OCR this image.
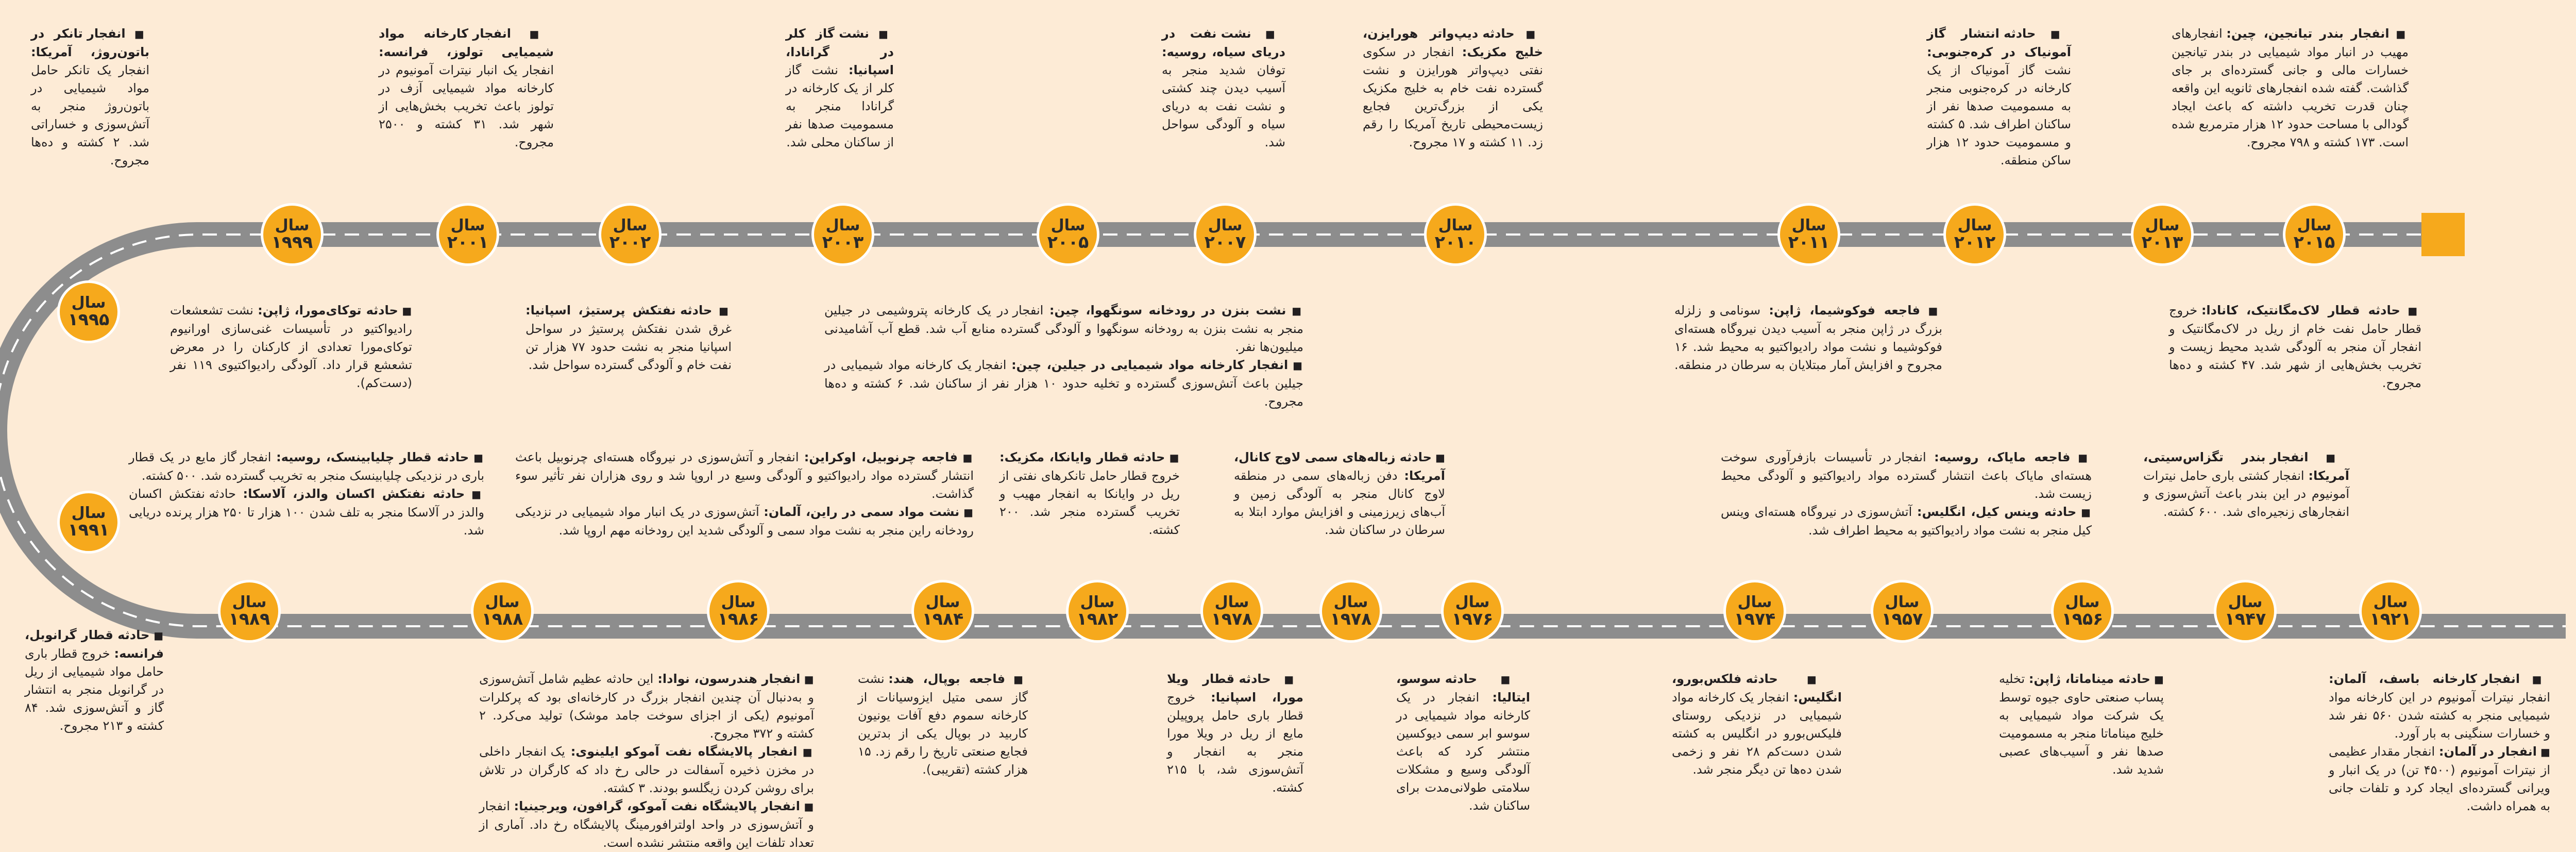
سال
۲۰۱۵
سال
۲۰۱۳
سال
۲۰۱۲
سال
۲۰۱۱
سال
۲۰۱۰
سال
۲۰۰۷
سال
۲۰۰۵
سال
۲۰۰۳
سال
۲۰۰۲
سال
۲۰۰۱
سال
۱۹۹۹
سال
۱۹۹۵
سال
۱۹۹۱
سال
۱۹۸۹
سال
۱۹۸۸
سال
۱۹۸۶
سال
۱۹۸۴
سال
۱۹۸۲
سال
۱۹۷۸
سال
۱۹۷۸
سال
۱۹۷۶
سال
۱۹۷۴
سال
۱۹۵۷
سال
۱۹۵۶
سال
۱۹۴۷
سال
۱۹۲۱
■ انفجار بندر تیانجین، چین: انفجارهای مهیب در انبار مواد شیمیایی در بندر تیانجین خسارات مالی و جانی گسترده‌ای بر جای گذاشت. گفته شده انفجارهای ثانویه این واقعه چنان قدرت تخریب داشته که باعث ایجاد گودالی با مساحت حدود ۱۲ هزار مترمربع شده است. ۱۷۳ کشته و ۷۹۸ مجروح.
■ حادثه انتشار گاز آمونیاک در کره‌جنوبی: نشت گاز آمونیاک از یک کارخانه در کره‌جنوبی منجر به مسمومیت صدها نفر از ساکنان اطراف شد. ۵ کشته و مسمومیت حدود ۱۲ هزار ساکن منطقه.
■ حادثه دیپ‌واتر هورایزن، خلیج مکزیک: انفجار در سکوی نفتی دیپ‌واتر هورایزن و نشت گسترده نفت خام به خلیج مکزیک یکی از بزرگ‌ترین فجایع زیست‌محیطی تاریخ آمریکا را رقم زد. ۱۱ کشته و ۱۷ مجروح.
■ نشت نفت در دریای سیاه، روسیه: توفان شدید منجر به آسیب دیدن چند کشتی و نشت نفت به دریای سیاه و آلودگی سواحل شد.
■ نشت گاز کلر در گرانادا، اسپانیا: نشت گاز کلر از یک کارخانه در گرانادا منجر به مسمومیت صدها نفر از ساکنان محلی شد.
■ انفجار کارخانه مواد شیمیایی تولوز، فرانسه: انفجار یک انبار نیترات آمونیوم در کارخانه مواد شیمیایی آزف در تولوز باعث تخریب بخش‌هایی از شهر شد. ۳۱ کشته و ۲۵۰۰ مجروح.
■ انفجار تانکر در باتون‌روژ، آمریکا: انفجار یک تانکر حامل مواد شیمیایی در باتون‌روژ منجر به آتش‌سوزی و خساراتی شد. ۲ کشته و ده‌ها مجروح.
■ حادثه قطار لاک‌مگانتیک، کانادا: خروج قطار حامل نفت خام از ریل در لاک‌مگانتیک و انفجار آن منجر به آلودگی شدید محیط زیست و تخریب بخش‌هایی از شهر شد. ۴۷ کشته و ده‌ها مجروح.
■ فاجعه فوکوشیما، ژاپن: سونامی و زلزله بزرگ در ژاپن منجر به آسیب دیدن نیروگاه هسته‌ای فوکوشیما و نشت مواد رادیواکتیو به محیط شد. ۱۶ مجروح و افزایش آمار مبتلایان به سرطان در منطقه.
■ نشت بنزن در رودخانه سونگهوا، چین: انفجار در یک کارخانه پتروشیمی در جیلین منجر به نشت بنزن به رودخانه سونگهوا و آلودگی گسترده منابع آب شد. قطع آب آشامیدنی میلیون‌ها نفر.
■ انفجار کارخانه مواد شیمیایی در جیلین، چین: انفجار یک کارخانه مواد شیمیایی در جیلین باعث آتش‌سوزی گسترده و تخلیه حدود ۱۰ هزار نفر از ساکنان شد. ۶ کشته و ده‌ها مجروح.
■ حادثه نفتکش پرستیژ، اسپانیا: غرق شدن نفتکش پرستیژ در سواحل اسپانیا منجر به نشت حدود ۷۷ هزار تن نفت خام و آلودگی گسترده سواحل شد.
■ حادثه توکای‌مورا، ژاپن: نشت تشعشعات رادیواکتیو در تأسیسات غنی‌سازی اورانیوم توکای‌مورا تعدادی از کارکنان را در معرض تشعشع قرار داد. آلودگی رادیواکتیوی ۱۱۹ نفر (دست‌کم).
■ انفجار بندر تگزاس‌سیتی، آمریکا: انفجار کشتی باری حامل نیترات آمونیوم در این بندر باعث آتش‌سوزی و انفجارهای زنجیره‌ای شد. ۶۰۰ کشته.
■ فاجعه مایاک، روسیه: انفجار در تأسیسات بازفرآوری سوخت هسته‌ای مایاک باعث انتشار گسترده مواد رادیواکتیو و آلودگی محیط زیست شد.
■ حادثه وینس کیل، انگلیس: آتش‌سوزی در نیروگاه هسته‌ای وینس کیل منجر به نشت مواد رادیواکتیو به محیط اطراف شد.
■ حادثه زباله‌های سمی لاوج کانال، آمریکا: دفن زباله‌های سمی در منطقه لاوج کانال منجر به آلودگی زمین و آب‌های زیرزمینی و افزایش موارد ابتلا به سرطان در ساکنان شد.
■ حادثه قطار وایانکا، مکزیک: خروج قطار حامل تانکرهای نفتی از ریل در وایانکا به انفجار مهیب و تخریب گسترده منجر شد. ۲۰۰ کشته.
■ فاجعه چرنوبیل، اوکراین: انفجار و آتش‌سوزی در نیروگاه هسته‌ای چرنوبیل باعث انتشار گسترده مواد رادیواکتیو و آلودگی وسیع در اروپا شد و روی هزاران نفر تأثیر سوء گذاشت.
■ نشت مواد سمی در راین، آلمان: آتش‌سوزی در یک انبار مواد شیمیایی در نزدیکی رودخانه راین منجر به نشت مواد سمی و آلودگی شدید این رودخانه مهم اروپا شد.
■ حادثه قطار چلیابینسک، روسیه: انفجار گاز مایع در یک قطار باری در نزدیکی چلیابینسک منجر به تخریب گسترده شد. ۵۰۰ کشته.
■ حادثه نفتکش اکسان والدز، آلاسکا: حادثه نفتکش اکسان والدز در آلاسکا منجر به تلف شدن ۱۰۰ هزار تا ۲۵۰ هزار پرنده دریایی شد.
■ انفجار کارخانه باسف، آلمان: انفجار نیترات آمونیوم در این کارخانه مواد شیمیایی منجر به کشته شدن ۵۶۰ نفر شد و خسارات سنگینی به بار آورد.
■ انفجار در آلمان: انفجار مقدار عظیمی از نیترات آمونیوم (۴۵۰۰ تن) در یک انبار و ویرانی گسترده‌ای ایجاد کرد و تلفات جانی به همراه داشت.
■ حادثه میناماتا، ژاپن: تخلیه پساب صنعتی حاوی جیوه توسط یک شرکت مواد شیمیایی به خلیج میناماتا منجر به مسمومیت صدها نفر و آسیب‌های عصبی شدید شد.
■ حادثه فلکس‌بورو، انگلیس: انفجار یک کارخانه مواد شیمیایی در نزدیکی روستای فلیکس‌بورو در انگلیس به کشته شدن دست‌کم ۲۸ نفر و زخمی شدن ده‌ها تن دیگر منجر شد.
■ حادثه سوسو، ایتالیا: انفجار در یک کارخانه مواد شیمیایی در سوسو ابر سمی دیوکسین منتشر کرد که باعث آلودگی وسیع و مشکلات سلامتی طولانی‌مدت برای ساکنان شد.
■ حادثه قطار ویلا مورا، اسپانیا: خروج قطار باری حامل پروپیلن مایع از ریل در ویلا مورا منجر به انفجار و آتش‌سوزی شد، با ۲۱۵ کشته.
■ فاجعه بوپال، هند: نشت گاز سمی متیل ایزوسیانات از کارخانه سموم دفع آفات یونیون کاربید در بوپال یکی از بدترین فجایع صنعتی تاریخ را رقم زد. ۱۵ هزار کشته (تقریبی).
■ انفجار هندرسون، نوادا: این حادثه عظیم شامل آتش‌سوزی و به‌دنبال آن چندین انفجار بزرگ در کارخانه‌ای بود که پرکلرات آمونیوم (یکی از اجزای سوخت جامد موشک) تولید می‌کرد. ۲ کشته و ۳۷۲ مجروح.
■ انفجار پالایشگاه نفت آموکو ایلینوی: یک انفجار داخلی در مخزن ذخیره آسفالت در حالی رخ داد که کارگران در تلاش برای روشن کردن زیگلسو بودند. ۳ کشته.
■ انفجار پالایشگاه نفت آموکو، گرافون، ویرجینیا: انفجار و آتش‌سوزی در واحد اولترافورمینگ پالایشگاه رخ داد. آماری از تعداد تلفات این واقعه منتشر نشده است.
■ حادثه قطار گرانوبل، فرانسه: خروج قطار باری حامل مواد شیمیایی از ریل در گرانوبل منجر به انتشار گاز و آتش‌سوزی شد. ۸۴ کشته و ۲۱۳ مجروح.
